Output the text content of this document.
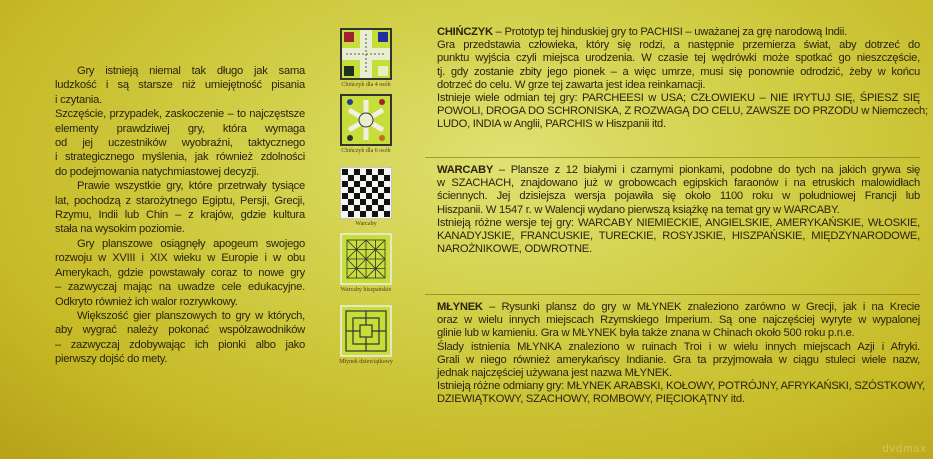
Gry istnieją niemal tak długo jak sama
ludzkość i są starsze niż umiejętność pisania
i czytania.
Szczęście, przypadek, zaskoczenie – to najczęstsze
elementy prawdziwej gry, która wymaga
od jej uczestników wyobraźni, taktycznego
i strategicznego myślenia, jak również zdolności
do podejmowania natychmiastowej decyzji.
Prawie wszystkie gry, które przetrwały tysiące
lat, pochodzą z starożytnego Egiptu, Persji, Grecji,
Rzymu, Indii lub Chin – z krajów, gdzie kultura
stała na wysokim poziomie.
Gry planszowe osiągnęły apogeum swojego
rozwoju w XVIII i XIX wieku w Europie i w obu
Amerykach, gdzie powstawały coraz to nowe gry
– zazwyczaj mając na uwadze cele edukacyjne.
Odkryto również ich walor rozrywkowy.
Większość gier planszowych to gry w których,
aby wygrać należy pokonać współzawodników
– zazwyczaj zdobywając ich pionki albo jako
pierwszy dojść do mety.
Chińczyk dla 4 osób
Chińczyk dla 6 osób
Warcaby
Warcaby hiszpańskie
Młynek dziewiątkowy
CHIŃCZYK – Prototyp tej hinduskiej gry to PACHISI – uważanej za grę narodową Indii.
Gra przedstawia człowieka, który się rodzi, a następnie przemierza świat, aby dotrzeć do
punktu wyjścia czyli miejsca urodzenia. W czasie tej wędrówki może spotkać go nieszczęście,
tj. gdy zostanie zbity jego pionek – a więc umrze, musi się ponownie odrodzić, żeby w końcu
dotrzeć do celu. W grze tej zawarta jest idea reinkarnacji.
Istnieje wiele odmian tej gry: PARCHEESI w USA; CZŁOWIEKU – NIE IRYTUJ SIĘ, ŚPIESZ SIĘ
POWOLI, DROGA DO SCHRONISKA, Z ROZWAGĄ DO CELU, ZAWSZE DO PRZODU w Niemczech;
LUDO, INDIA w Anglii, PARCHIS w Hiszpanii itd.
WARCABY – Plansze z 12 białymi i czarnymi pionkami, podobne do tych na jakich grywa się
w SZACHACH, znajdowano już w grobowcach egipskich faraonów i na etruskich malowidłach
ściennych. Jej dzisiejsza wersja pojawiła się około 1100 roku w południowej Francji lub
Hiszpanii. W 1547 r. w Walencji wydano pierwszą książkę na temat gry w WARCABY.
Istnieją różne wersje tej gry: WARCABY NIEMIECKIE, ANGIELSKIE, AMERYKAŃSKIE, WŁOSKIE,
KANADYJSKIE, FRANCUSKIE, TURECKIE, ROSYJSKIE, HISZPAŃSKIE, MIĘDZYNARODOWE,
NAROŻNIKOWE, ODWROTNE.
MŁYNEK – Rysunki plansz do gry w MŁYNEK znaleziono zarówno w Grecji, jak i na Krecie
oraz w wielu innych miejscach Rzymskiego Imperium. Są one najczęściej wyryte w wypalonej
glinie lub w kamieniu. Gra w MŁYNEK była także znana w Chinach około 500 roku p.n.e.
Ślady istnienia MŁYNKA znaleziono w ruinach Troi i w wielu innych miejscach Azji i Afryki.
Grali w niego również amerykańscy Indianie. Gra ta przyjmowała w ciągu stuleci wiele nazw,
jednak najczęściej używana jest nazwa MŁYNEK.
Istnieją różne odmiany gry: MŁYNEK ARABSKI, KOŁOWY, POTRÓJNY, AFRYKAŃSKI, SZÓSTKOWY,
DZIEWIĄTKOWY, SZACHOWY, ROMBOWY, PIĘCIOKĄTNY itd.
dvdmax
